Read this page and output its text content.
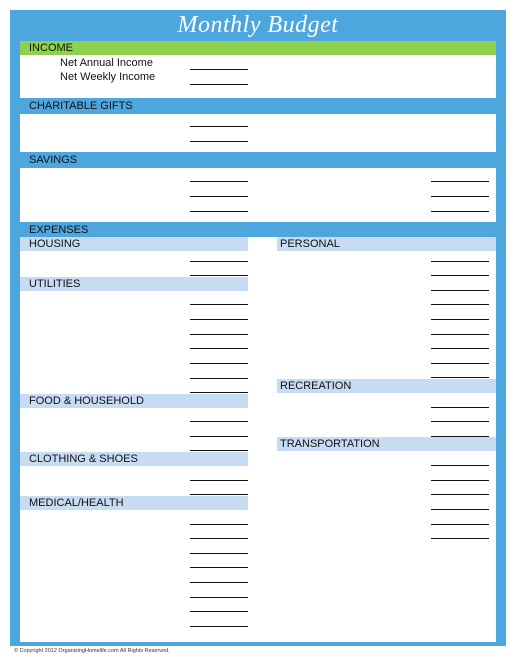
Monthly Budget
INCOME
Net Annual Income
Net Weekly Income
CHARITABLE GIFTS
SAVINGS
EXPENSES
HOUSING
UTILITIES
FOOD & HOUSEHOLD
CLOTHING & SHOES
MEDICAL/HEALTH
PERSONAL
RECREATION
TRANSPORTATION
© Copyright 2012 OrganizingHomelife.com All Rights Reserved.
